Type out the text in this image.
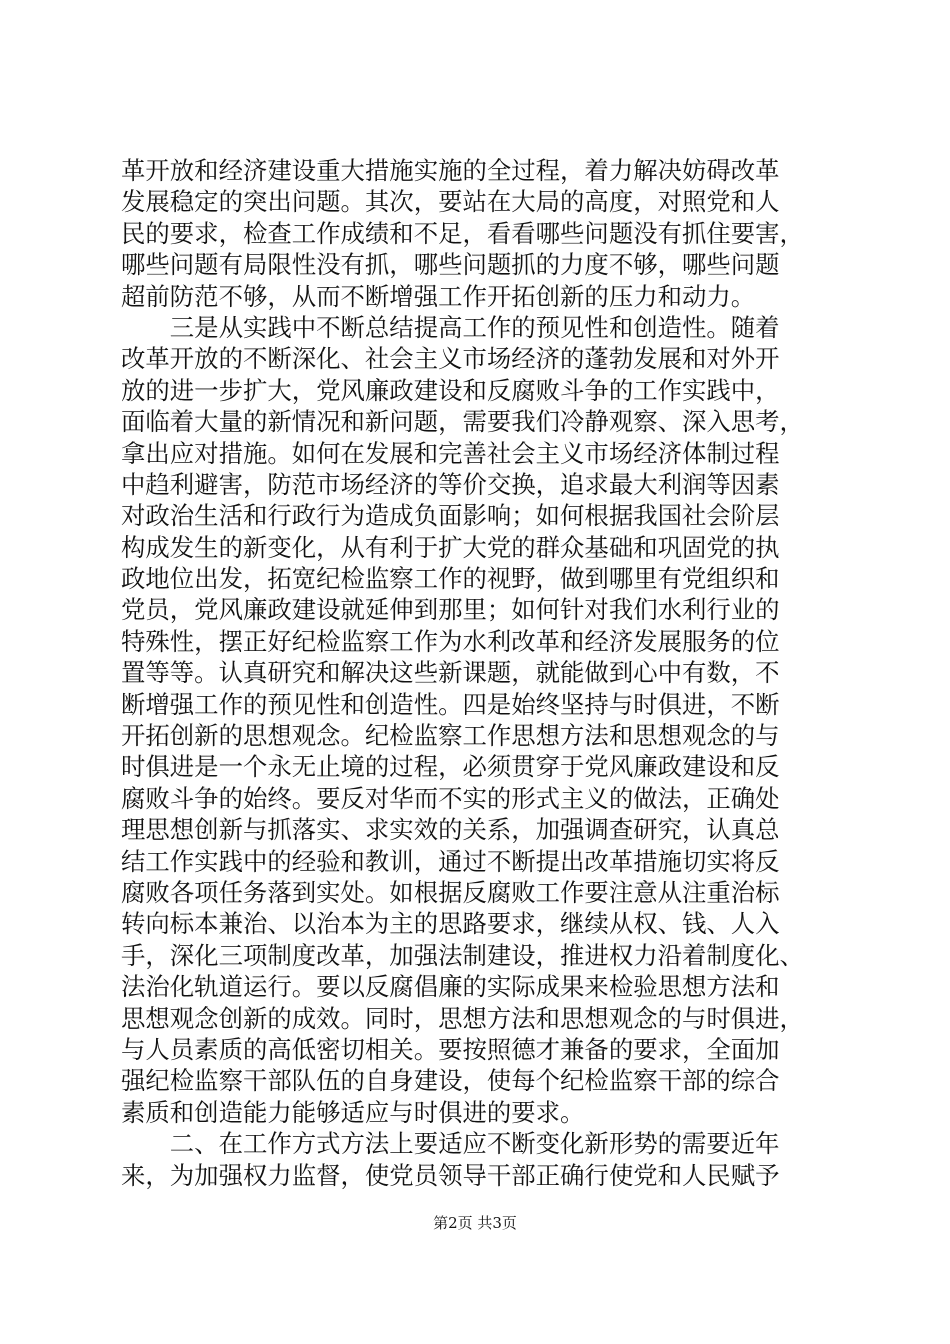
革开放和经济建设重大措施实施的全过程，着力解决妨碍改革
发展稳定的突出问题。其次，要站在大局的高度，对照党和人
民的要求，检查工作成绩和不足，看看哪些问题没有抓住要害，
哪些问题有局限性没有抓，哪些问题抓的力度不够，哪些问题
超前防范不够，从而不断增强工作开拓创新的压力和动力。
　　三是从实践中不断总结提高工作的预见性和创造性。随着
改革开放的不断深化、社会主义市场经济的蓬勃发展和对外开
放的进一步扩大，党风廉政建设和反腐败斗争的工作实践中，
面临着大量的新情况和新问题，需要我们冷静观察、深入思考，
拿出应对措施。如何在发展和完善社会主义市场经济体制过程
中趋利避害，防范市场经济的等价交换，追求最大利润等因素
对政治生活和行政行为造成负面影响；如何根据我国社会阶层
构成发生的新变化，从有利于扩大党的群众基础和巩固党的执
政地位出发，拓宽纪检监察工作的视野，做到哪里有党组织和
党员，党风廉政建设就延伸到那里；如何针对我们水利行业的
特殊性，摆正好纪检监察工作为水利改革和经济发展服务的位
置等等。认真研究和解决这些新课题，就能做到心中有数，不
断增强工作的预见性和创造性。四是始终坚持与时俱进，不断
开拓创新的思想观念。纪检监察工作思想方法和思想观念的与
时俱进是一个永无止境的过程，必须贯穿于党风廉政建设和反
腐败斗争的始终。要反对华而不实的形式主义的做法，正确处
理思想创新与抓落实、求实效的关系，加强调查研究，认真总
结工作实践中的经验和教训，通过不断提出改革措施切实将反
腐败各项任务落到实处。如根据反腐败工作要注意从注重治标
转向标本兼治、以治本为主的思路要求，继续从权、钱、人入
手，深化三项制度改革，加强法制建设，推进权力沿着制度化、
法治化轨道运行。要以反腐倡廉的实际成果来检验思想方法和
思想观念创新的成效。同时，思想方法和思想观念的与时俱进，
与人员素质的高低密切相关。要按照德才兼备的要求，全面加
强纪检监察干部队伍的自身建设，使每个纪检监察干部的综合
素质和创造能力能够适应与时俱进的要求。
　　二、在工作方式方法上要适应不断变化新形势的需要近年
来，为加强权力监督，使党员领导干部正确行使党和人民赋予
第2页 共3页
